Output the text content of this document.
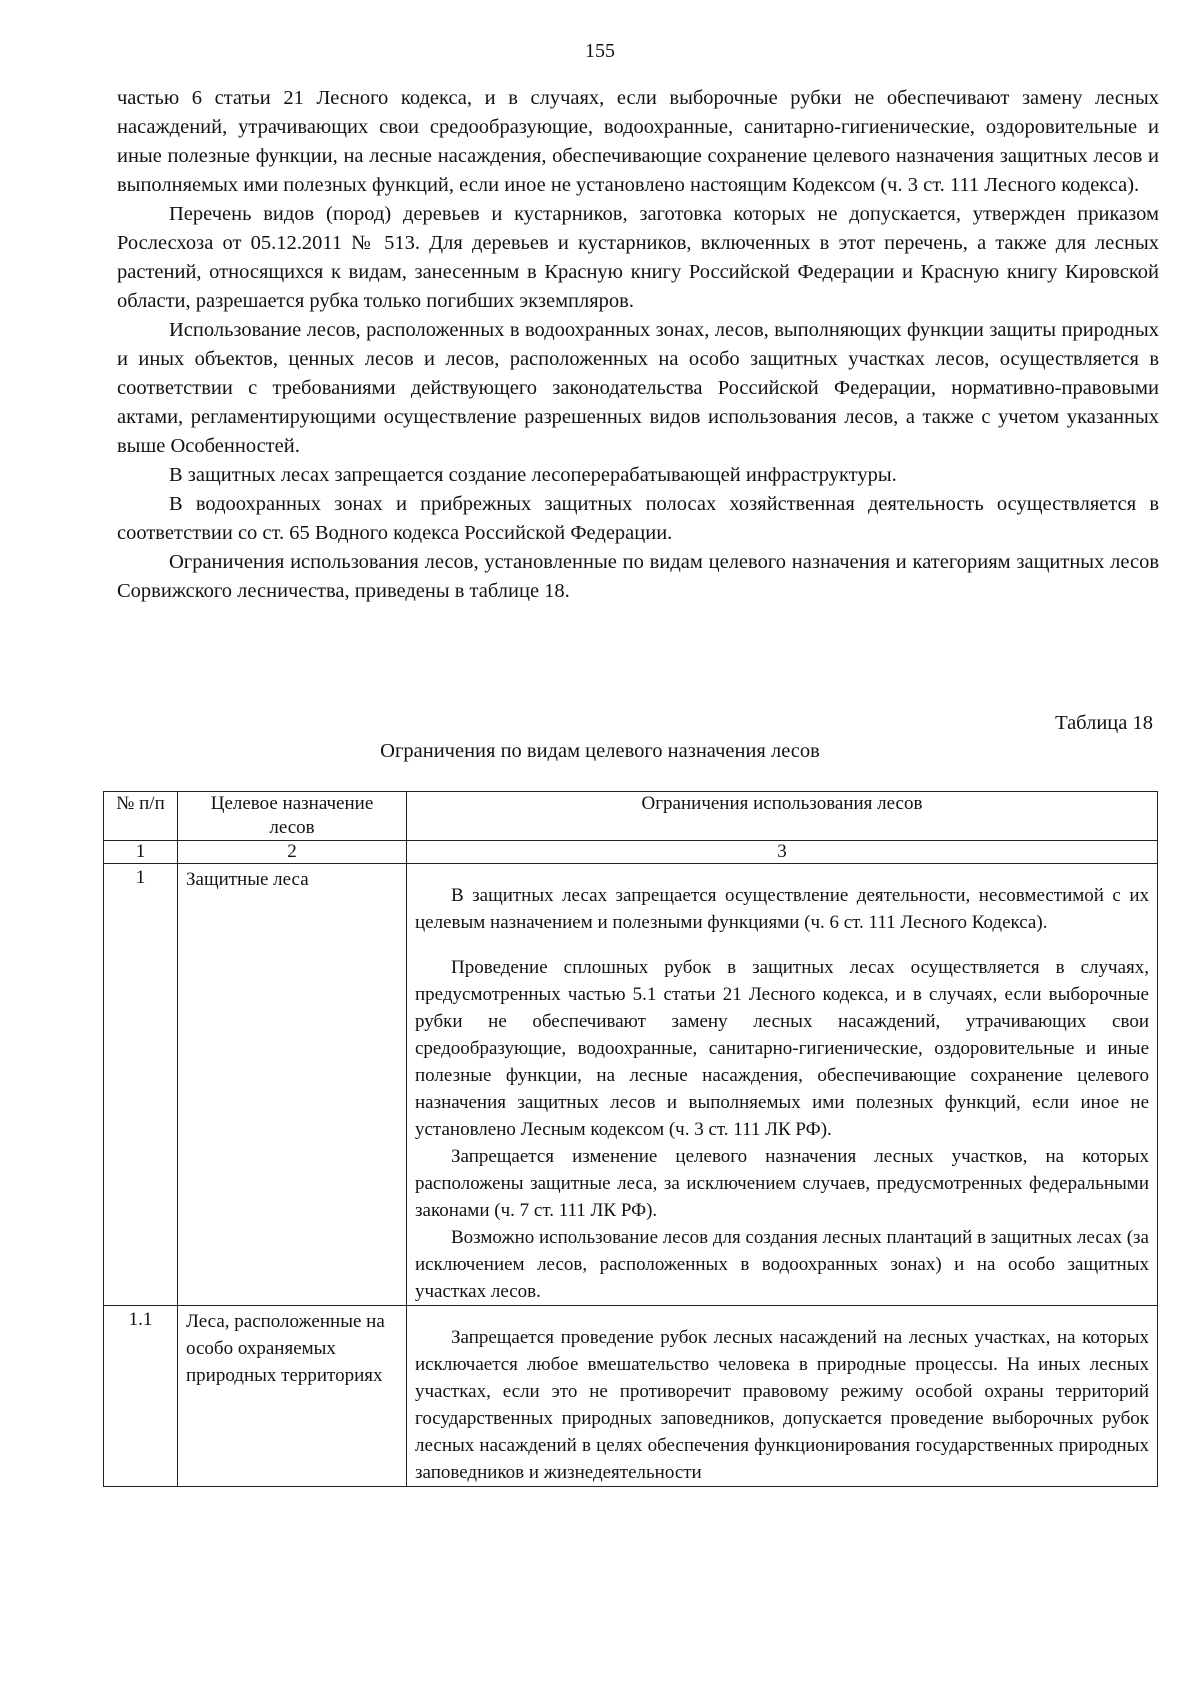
155

частью 6 статьи 21 Лесного кодекса, и в случаях, если выборочные рубки не обеспечивают замену лесных насаждений, утрачивающих свои средообразующие, водоохранные, санитарно-гигиенические, оздоровительные и иные полезные функции, на лесные насаждения, обеспечивающие сохранение целевого назначения защитных лесов и выполняемых ими полезных функций, если иное не установлено настоящим Кодексом (ч. 3 ст. 111 Лесного кодекса).

Перечень видов (пород) деревьев и кустарников, заготовка которых не допускается, утвержден приказом Рослесхоза от 05.12.2011 № 513. Для деревьев и кустарников, включенных в этот перечень, а также для лесных растений, относящихся к видам, занесенным в Красную книгу Российской Федерации и Красную книгу Кировской области, разрешается рубка только погибших экземпляров.

Использование лесов, расположенных в водоохранных зонах, лесов, выполняющих функции защиты природных и иных объектов, ценных лесов и лесов, расположенных на особо защитных участках лесов, осуществляется в соответствии с требованиями действующего законодательства Российской Федерации, нормативно-правовыми актами, регламентирующими осуществление разрешенных видов использования лесов, а также с учетом указанных выше Особенностей.

В защитных лесах запрещается создание лесоперерабатывающей инфраструктуры.

В водоохранных зонах и прибрежных защитных полосах хозяйственная деятельность осуществляется в соответствии со ст. 65 Водного кодекса Российской Федерации.

Ограничения использования лесов, установленные по видам целевого назначения и категориям защитных лесов Сорвижского лесничества, приведены в таблице 18.

Таблица 18
Ограничения по видам целевого назначения лесов
№ п/п	Целевое назначение лесов	Ограничения использования лесов
1	2	3
1	Защитные леса	В защитных лесах запрещается осуществление деятельности, несовместимой с их целевым назначением и полезными функциями (ч. 6 ст. 111 Лесного Кодекса).

Проведение сплошных рубок в защитных лесах осуществляется в случаях, предусмотренных частью 5.1 статьи 21 Лесного кодекса, и в случаях, если выборочные рубки не обеспечивают замену лесных насаждений, утрачивающих свои средообразующие, водоохранные, санитарно-гигиенические, оздоровительные и иные полезные функции, на лесные насаждения, обеспечивающие сохранение целевого назначения защитных лесов и выполняемых ими полезных функций, если иное не установлено Лесным кодексом (ч. 3 ст. 111 ЛК РФ).

Запрещается изменение целевого назначения лесных участков, на которых расположены защитные леса, за исключением случаев, предусмотренных федеральными законами (ч. 7 ст. 111 ЛК РФ).

Возможно использование лесов для создания лесных плантаций в защитных лесах (за исключением лесов, расположенных в водоохранных зонах) и на особо защитных участках лесов.

1.1	Леса, расположенные на особо охраняемых природных территориях	Запрещается проведение рубок лесных насаждений на лесных участках, на которых исключается любое вмешательство человека в природные процессы. На иных лесных участках, если это не противоречит правовому режиму особой охраны территорий государственных природных заповедников, допускается проведение выборочных рубок лесных насаждений в целях обеспечения функционирования государственных природных заповедников и жизнедеятельности
